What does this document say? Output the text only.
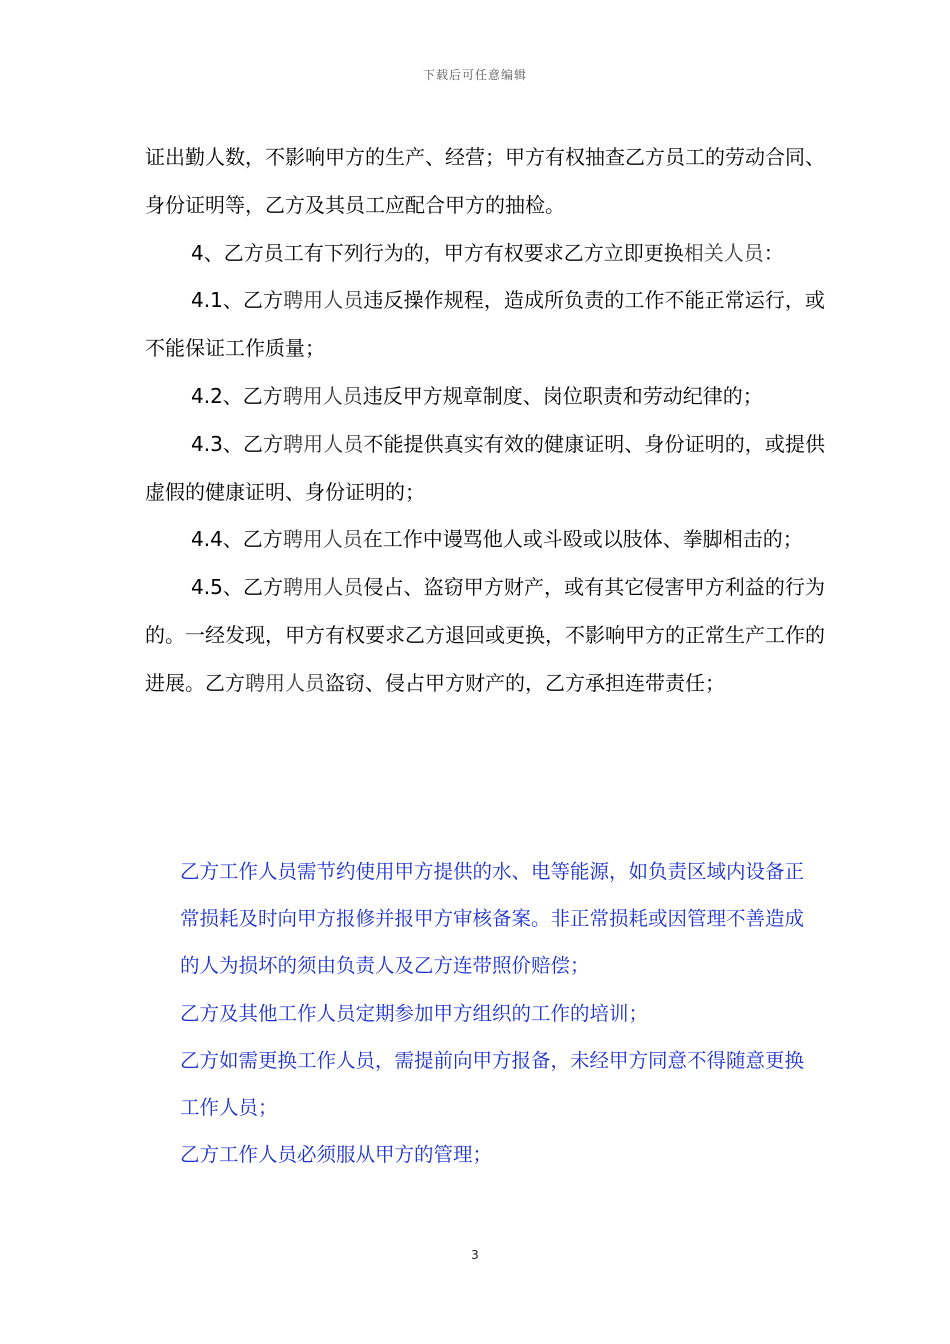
下载后可任意编辑

证出勤人数，不影响甲方的生产、经营；甲方有权抽查乙方员工的劳动合同、身份证明等，乙方及其员工应配合甲方的抽检。

4、乙方员工有下列行为的，甲方有权要求乙方立即更换相关人员：

4.1、乙方聘用人员违反操作规程，造成所负责的工作不能正常运行，或不能保证工作质量；

4.2、乙方聘用人员违反甲方规章制度、岗位职责和劳动纪律的；

4.3、乙方聘用人员不能提供真实有效的健康证明、身份证明的，或提供虚假的健康证明、身份证明的；

4.4、乙方聘用人员在工作中谩骂他人或斗殴或以肢体、拳脚相击的；

4.5、乙方聘用人员侵占、盗窃甲方财产，或有其它侵害甲方利益的行为的。一经发现，甲方有权要求乙方退回或更换，不影响甲方的正常生产工作的进展。乙方聘用人员盗窃、侵占甲方财产的，乙方承担连带责任；

乙方工作人员需节约使用甲方提供的水、电等能源，如负责区域内设备正常损耗及时向甲方报修并报甲方审核备案。非正常损耗或因管理不善造成的人为损坏的须由负责人及乙方连带照价赔偿；

乙方及其他工作人员定期参加甲方组织的工作的培训；

乙方如需更换工作人员，需提前向甲方报备，未经甲方同意不得随意更换工作人员；

乙方工作人员必须服从甲方的管理；

3
